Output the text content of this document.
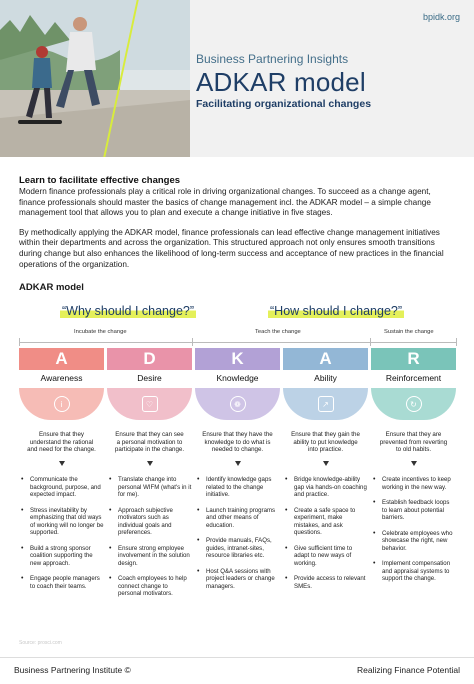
bpidk.org
Business Partnering Insights
ADKAR model
Facilitating organizational changes
Learn to facilitate effective changes
Modern finance professionals play a critical role in driving organizational changes. To succeed as a change agent, finance professionals should master the basics of change management incl. the ADKAR model – a simple change management tool that allows you to plan and execute a change initiative in five stages.
By methodically applying the ADKAR model, finance professionals can lead effective change management initiatives within their departments and across the organization. This structured approach not only ensures smooth transitions during change but also enhances the likelihood of long-term success and acceptance of new practices in the financial operations of the organization.
ADKAR model
“Why should I change?”	“How should I change?”
Incubate the change	Teach the change	Sustain the change
A
Awareness
i
Ensure that they understand the rational and need for the change.
• Communicate the background, purpose, and expected impact.
• Stress inevitability by emphasizing that old ways of working will no longer be supported.
• Build a strong sponsor coalition supporting the new approach.
• Engage people managers to coach their teams.
D
Desire
♡
Ensure that they can see a personal motivation to participate in the change.
• Translate change into personal WIFM (what's in it for me).
• Approach subjective motivators such as individual goals and preferences.
• Ensure strong employee involvement in the solution design.
• Coach employees to help connect change to personal motivators.
K
Knowledge
❁
Ensure that they have the knowledge to do what is needed to change.
• Identify knowledge gaps related to the change initiative.
• Launch training programs and other means of education.
• Provide manuals, FAQs, guides, intranet-sites, resource libraries etc.
• Host Q&A sessions with project leaders or change managers.
A
Ability
↗
Ensure that they gain the ability to put knowledge into practice.
• Bridge knowledge-ability gap via hands-on coaching and practice.
• Create a safe space to experiment, make mistakes, and ask questions.
• Give sufficient time to adapt to new ways of working.
• Provide access to relevant SMEs.
R
Reinforcement
↻
Ensure that they are prevented from reverting to old habits.
• Create incentives to keep working in the new way.
• Establish feedback loops to learn about potential barriers.
• Celebrate employees who showcase the right, new behavior.
• Implement compensation and appraisal systems to support the change.
Source: prosci.com
Business Partnering Institute ©	Realizing Finance Potential
